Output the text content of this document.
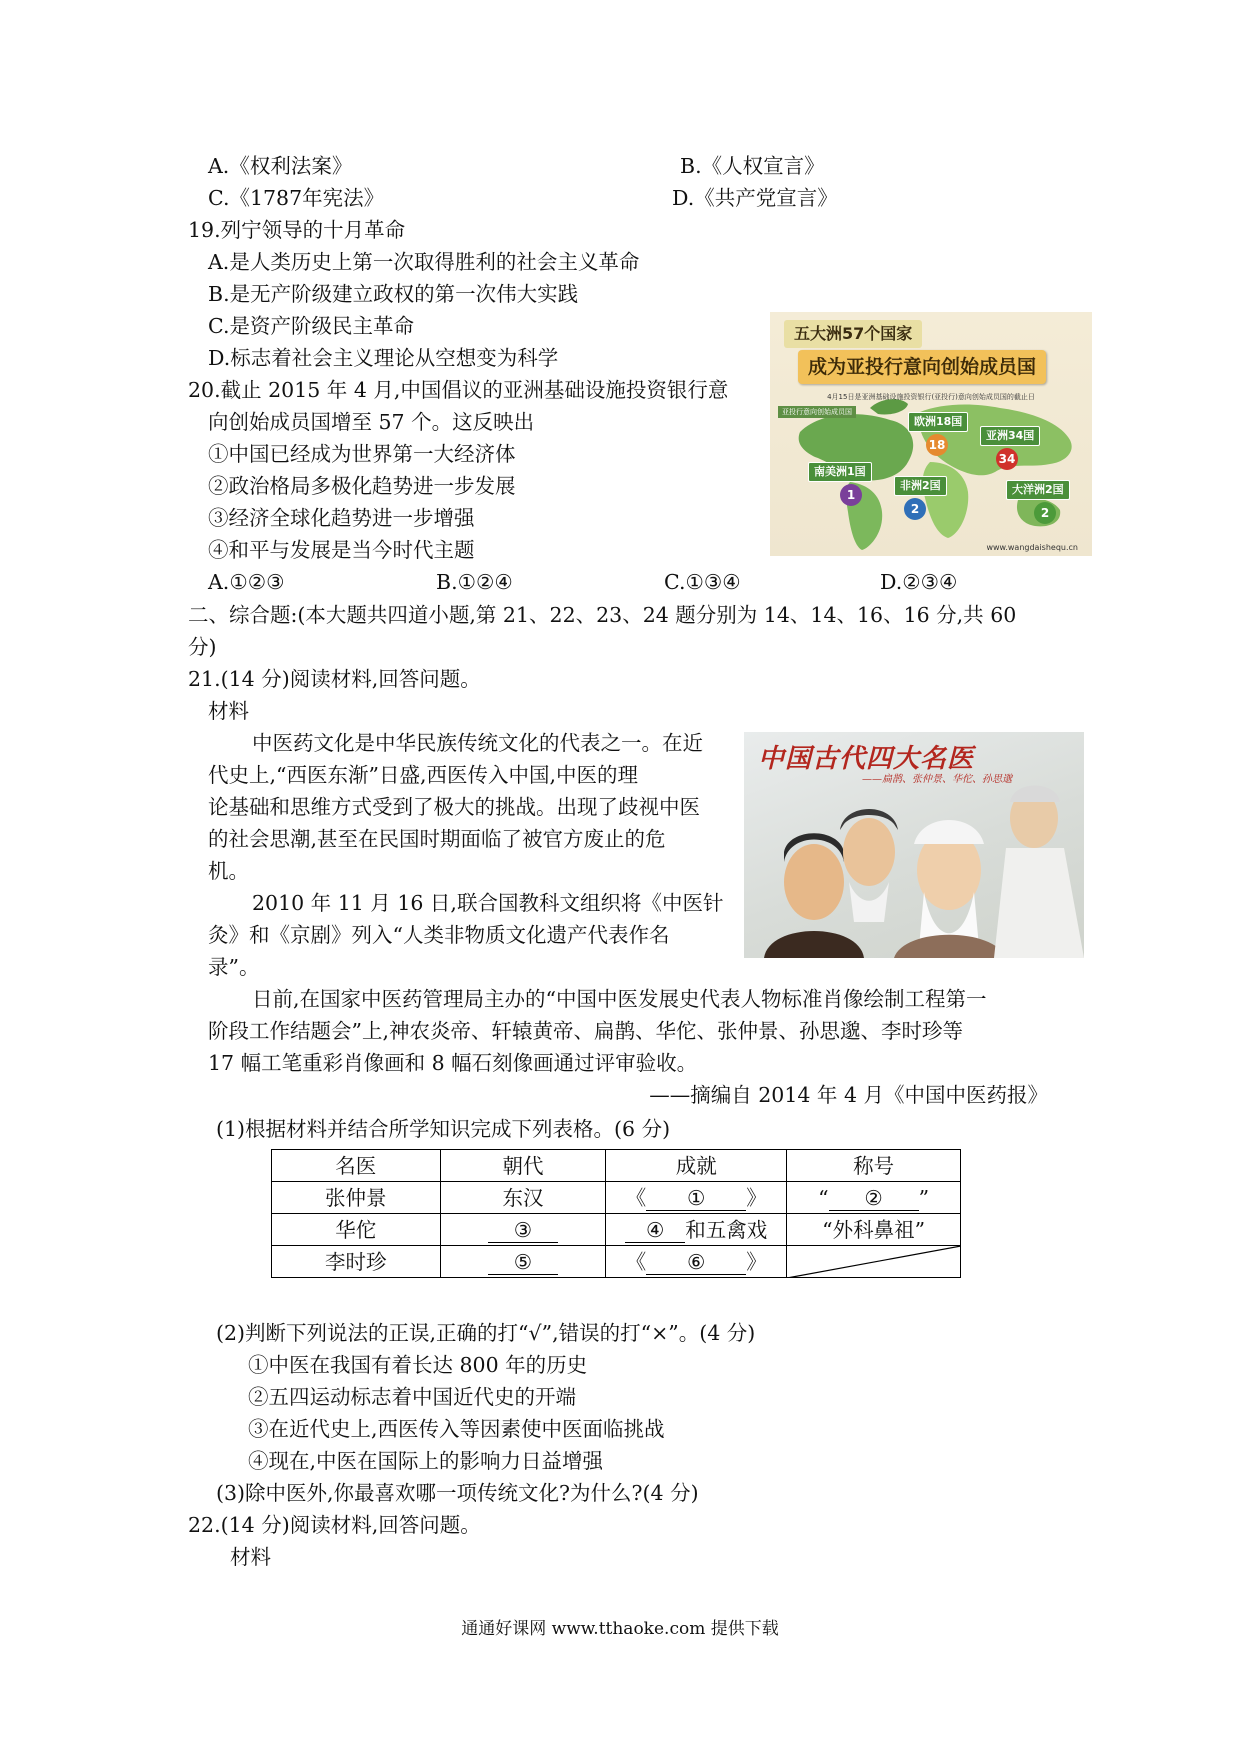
A.《权利法案》	B.《人权宣言》
C.《1787年宪法》	D.《共产党宣言》
19.列宁领导的十月革命
A.是人类历史上第一次取得胜利的社会主义革命
B.是无产阶级建立政权的第一次伟大实践
C.是资产阶级民主革命
D.标志着社会主义理论从空想变为科学
五大洲57个国家
成为亚投行意向创始成员国
4月15日是亚洲基础设施投资银行(亚投行)意向创始成员国的截止日
亚投行意向创始成员国
欧洲18国
18
亚洲34国
34
南美洲1国
1
非洲2国
2
大洋洲2国
2
www.wangdaishequ.cn
20.截止 2015 年 4 月,中国倡议的亚洲基础设施投资银行意
向创始成员国增至 57 个。这反映出
①中国已经成为世界第一大经济体
②政治格局多极化趋势进一步发展
③经济全球化趋势进一步增强
④和平与发展是当今时代主题
A.①②③	B.①②④	C.①③④	D.②③④
二、综合题:(本大题共四道小题,第 21、22、23、24 题分别为 14、14、16、16 分,共 60
分)
21.(14 分)阅读材料,回答问题。
材料
中医药文化是中华民族传统文化的代表之一。在近
代史上,“西医东渐”日盛,西医传入中国,中医的理
论基础和思维方式受到了极大的挑战。出现了歧视中医
的社会思潮,甚至在民国时期面临了被官方废止的危
机。
2010 年 11 月 16 日,联合国教科文组织将《中医针
灸》和《京剧》列入“人类非物质文化遗产代表作名
录”。
日前,在国家中医药管理局主办的“中国中医发展史代表人物标准肖像绘制工程第一
阶段工作结题会”上,神农炎帝、轩辕黄帝、扁鹊、华佗、张仲景、孙思邈、李时珍等
17 幅工笔重彩肖像画和 8 幅石刻像画通过评审验收。
——摘编自 2014 年 4 月《中国中医药报》
中国古代四大名医
——扁鹊、张仲景、华佗、孙思邈
(1)根据材料并结合所学知识完成下列表格。(6 分)
名医	朝代	成就	称号
张仲景	东汉	《 ① 》	“ ② ”
华佗	③	④ 和五禽戏	“外科鼻祖”
李时珍	⑤	《 ⑥ 》	
(2)判断下列说法的正误,正确的打“√”,错误的打“×”。(4 分)
①中医在我国有着长达 800 年的历史
②五四运动标志着中国近代史的开端
③在近代史上,西医传入等因素使中医面临挑战
④现在,中医在国际上的影响力日益增强
(3)除中医外,你最喜欢哪一项传统文化?为什么?(4 分)
22.(14 分)阅读材料,回答问题。
材料
通通好课网 www.tthaoke.com 提供下载
